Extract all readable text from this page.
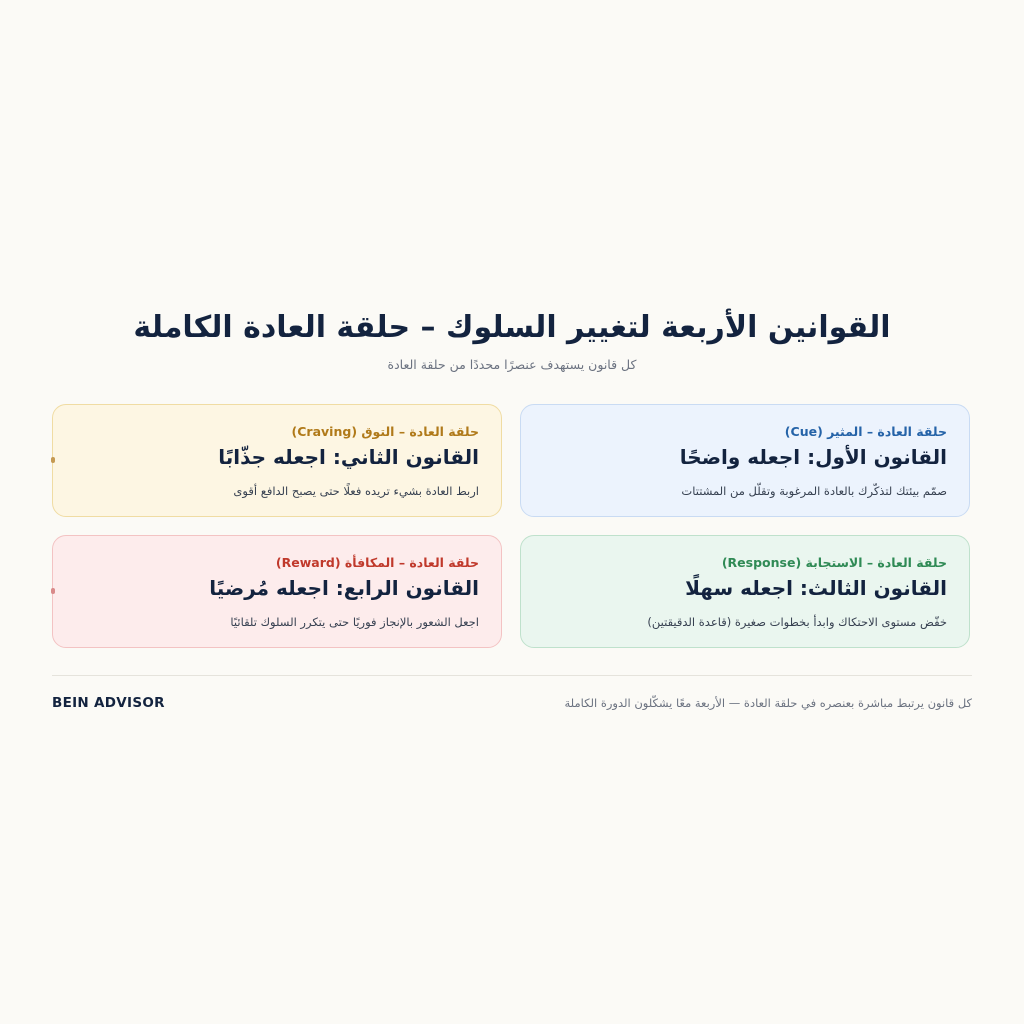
القوانين الأربعة لتغيير السلوك – حلقة العادة الكاملة
كل قانون يستهدف عنصرًا محددًا من حلقة العادة
حلقة العادة – المثير (Cue)
القانون الأول: اجعله واضحًا
صمّم بيئتك لتذكّرك بالعادة المرغوبة وتقلّل من المشتتات
حلقة العادة – التوق (Craving)
القانون الثاني: اجعله جذّابًا
اربط العادة بشيء تريده فعلًا حتى يصبح الدافع أقوى
حلقة العادة – الاستجابة (Response)
القانون الثالث: اجعله سهلًا
خفّض مستوى الاحتكاك وابدأ بخطوات صغيرة (قاعدة الدقيقتين)
حلقة العادة – المكافأة (Reward)
القانون الرابع: اجعله مُرضيًا
اجعل الشعور بالإنجاز فوريًا حتى يتكرر السلوك تلقائيًا
BEIN ADVISOR	كل قانون يرتبط مباشرة بعنصره في حلقة العادة — الأربعة معًا يشكّلون الدورة الكاملة
